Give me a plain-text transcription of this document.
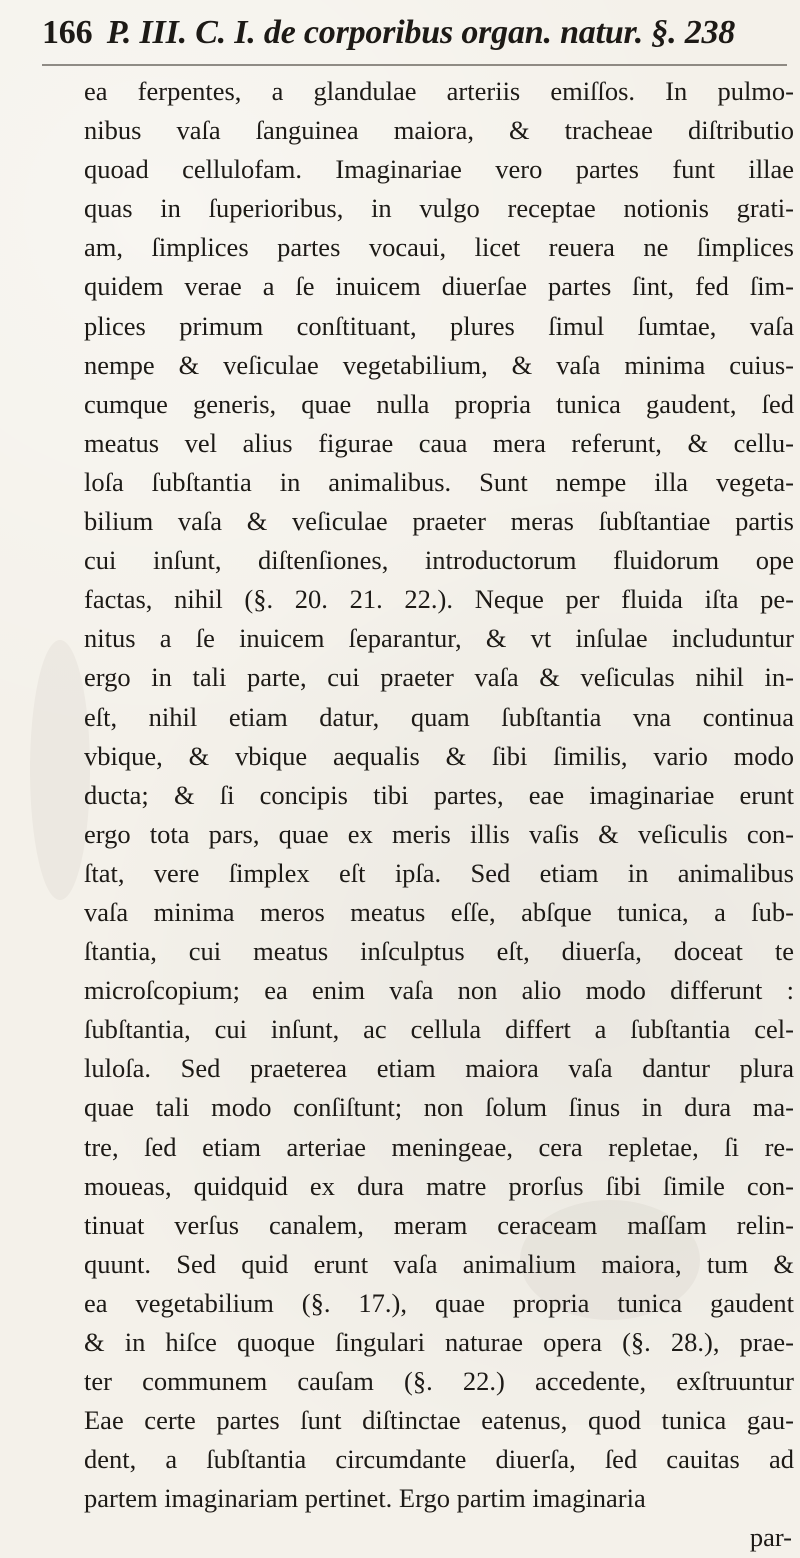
166 P. III. C. I. de corporibus organ. natur. §. 238
ea ferpentes, a glandulae arteriis emiſſos. In pulmo-
nibus vaſa ſanguinea maiora, & tracheae diſtributio
quoad cellulofam. Imaginariae vero partes funt illae
quas in ſuperioribus, in vulgo receptae notionis grati-
am, ſimplices partes vocaui, licet reuera ne ſimplices
quidem verae a ſe inuicem diuerſae partes ſint, fed ſim-
plices primum conſtituant, plures ſimul ſumtae, vaſa
nempe & veſiculae vegetabilium, & vaſa minima cuius-
cumque generis, quae nulla propria tunica gaudent, ſed
meatus vel alius figurae caua mera referunt, & cellu-
loſa ſubſtantia in animalibus. Sunt nempe illa vegeta-
bilium vaſa & veſiculae praeter meras ſubſtantiae partis
cui inſunt, diſtenſiones, introductorum fluidorum ope
factas, nihil (§. 20. 21. 22.). Neque per fluida iſta pe-
nitus a ſe inuicem ſeparantur, & vt inſulae includuntur
ergo in tali parte, cui praeter vaſa & veſiculas nihil in-
eſt, nihil etiam datur, quam ſubſtantia vna continua
vbique, & vbique aequalis & ſibi ſimilis, vario modo
ducta; & ſi concipis tibi partes, eae imaginariae erunt
ergo tota pars, quae ex meris illis vaſis & veſiculis con-
ſtat, vere ſimplex eſt ipſa. Sed etiam in animalibus
vaſa minima meros meatus eſſe, abſque tunica, a ſub-
ſtantia, cui meatus inſculptus eſt, diuerſa, doceat te
microſcopium; ea enim vaſa non alio modo differunt :
ſubſtantia, cui inſunt, ac cellula differt a ſubſtantia cel-
luloſa. Sed praeterea etiam maiora vaſa dantur plura
quae tali modo conſiſtunt; non ſolum ſinus in dura ma-
tre, ſed etiam arteriae meningeae, cera repletae, ſi re-
moueas, quidquid ex dura matre prorſus ſibi ſimile con-
tinuat verſus canalem, meram ceraceam maſſam relin-
quunt. Sed quid erunt vaſa animalium maiora, tum &
ea vegetabilium (§. 17.), quae propria tunica gaudent
& in hiſce quoque ſingulari naturae opera (§. 28.), prae-
ter communem cauſam (§. 22.) accedente, exſtruuntur
Eae certe partes ſunt diſtinctae eatenus, quod tunica gau-
dent, a ſubſtantia circumdante diuerſa, ſed cauitas ad
partem imaginariam pertinet. Ergo partim imaginaria
par-
